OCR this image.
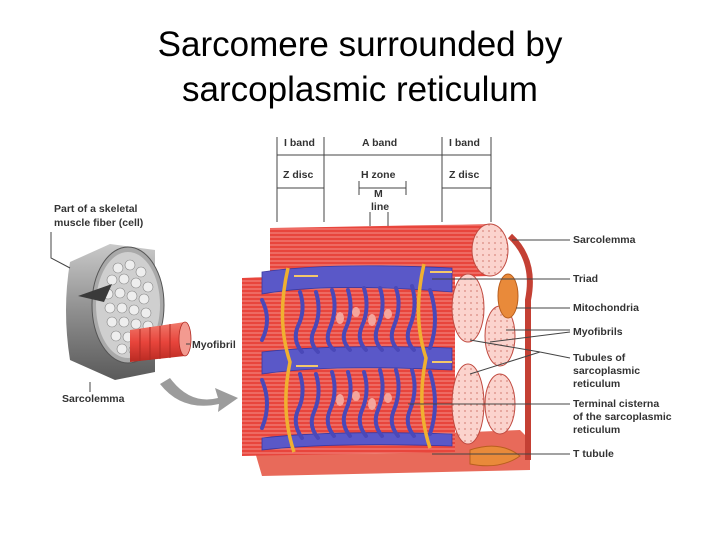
Sarcomere surrounded by
sarcoplasmic reticulum
I band	A band	I band
Z disc	H zone	Z disc
M
line
Part of a skeletal
muscle fiber (cell)
Myofibril
Sarcolemma
Sarcolemma
Triad
Mitochondria
Myofibrils
Tubules of
sarcoplasmic
reticulum
Terminal cisterna
of the sarcoplasmic
reticulum
T tubule
